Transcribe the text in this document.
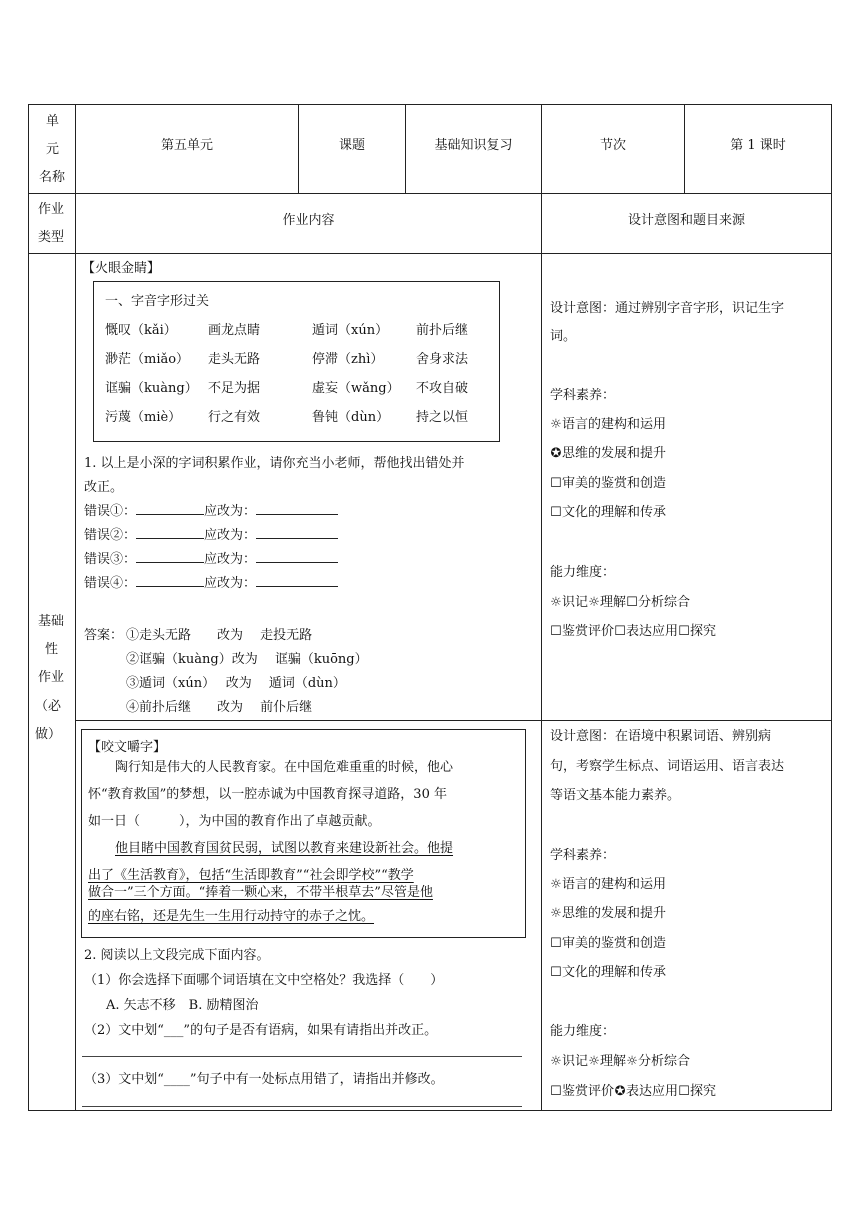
单
元
名称
第五单元	课题	基础知识复习	节次	第 1 课时
作业
类型
作业内容	设计意图和题目来源
基础
性
作业
（必
做）
【火眼金睛】
一、字音字形过关
慨叹（kǎi） 画龙点睛	遁词（xún） 前扑后继
渺茫（miǎo） 走头无路	停滞（zhì）	舍身求法
诓骗（kuàng） 不足为据	虚妄（wǎng） 不攻自破
污蔑（miè） 行之有效	鲁钝（dùn） 持之以恒
1. 以上是小深的字词积累作业，请你充当小老师，帮他找出错处并
改正。
错误①：	应改为：
错误②：	应改为：
错误③：	应改为：
错误④：	应改为：
答案： ①走头无路　　改为　 走投无路
②诓骗（kuàng）改为　 诓骗（kuōng）
③遁词（xún）　 改为　 遁词（dùn）
④前扑后继　　改为　 前仆后继
设计意图：通过辨别字音字形，识记生字
词。
学科素养：
☼语言的建构和运用
✪思维的发展和提升
☐审美的鉴赏和创造
☐文化的理解和传承
能力维度：
☼识记☼理解☐分析综合
☐鉴赏评价☐表达应用☐探究
【咬文嚼字】
陶行知是伟大的人民教育家。在中国危难重重的时候，他心
怀“教育救国”的梦想，以一腔赤诚为中国教育探寻道路，30 年
如一日（　　　），为中国的教育作出了卓越贡献。
他目睹中国教育国贫民弱，试图以教育来建设新社会。他提
出了《生活教育》，包括“生活即教育”“社会即学校”“教学
做合一”三个方面。“捧着一颗心来，不带半根草去”尽管是他
的座右铭，还是先生一生用行动持守的赤子之忱。
2. 阅读以上文段完成下面内容。
（1）你会选择下面哪个词语填在文中空格处？我选择（　　）
A. 矢志不移　B. 励精图治
（2）文中划“___”的句子是否有语病，如果有请指出并改正。
（3）文中划“____”句子中有一处标点用错了，请指出并修改。
设计意图：在语境中积累词语、辨别病
句，考察学生标点、词语运用、语言表达
等语文基本能力素养。
学科素养：
☼语言的建构和运用
☼思维的发展和提升
☐审美的鉴赏和创造
☐文化的理解和传承
能力维度：
☼识记☼理解☼分析综合
☐鉴赏评价✪表达应用☐探究
